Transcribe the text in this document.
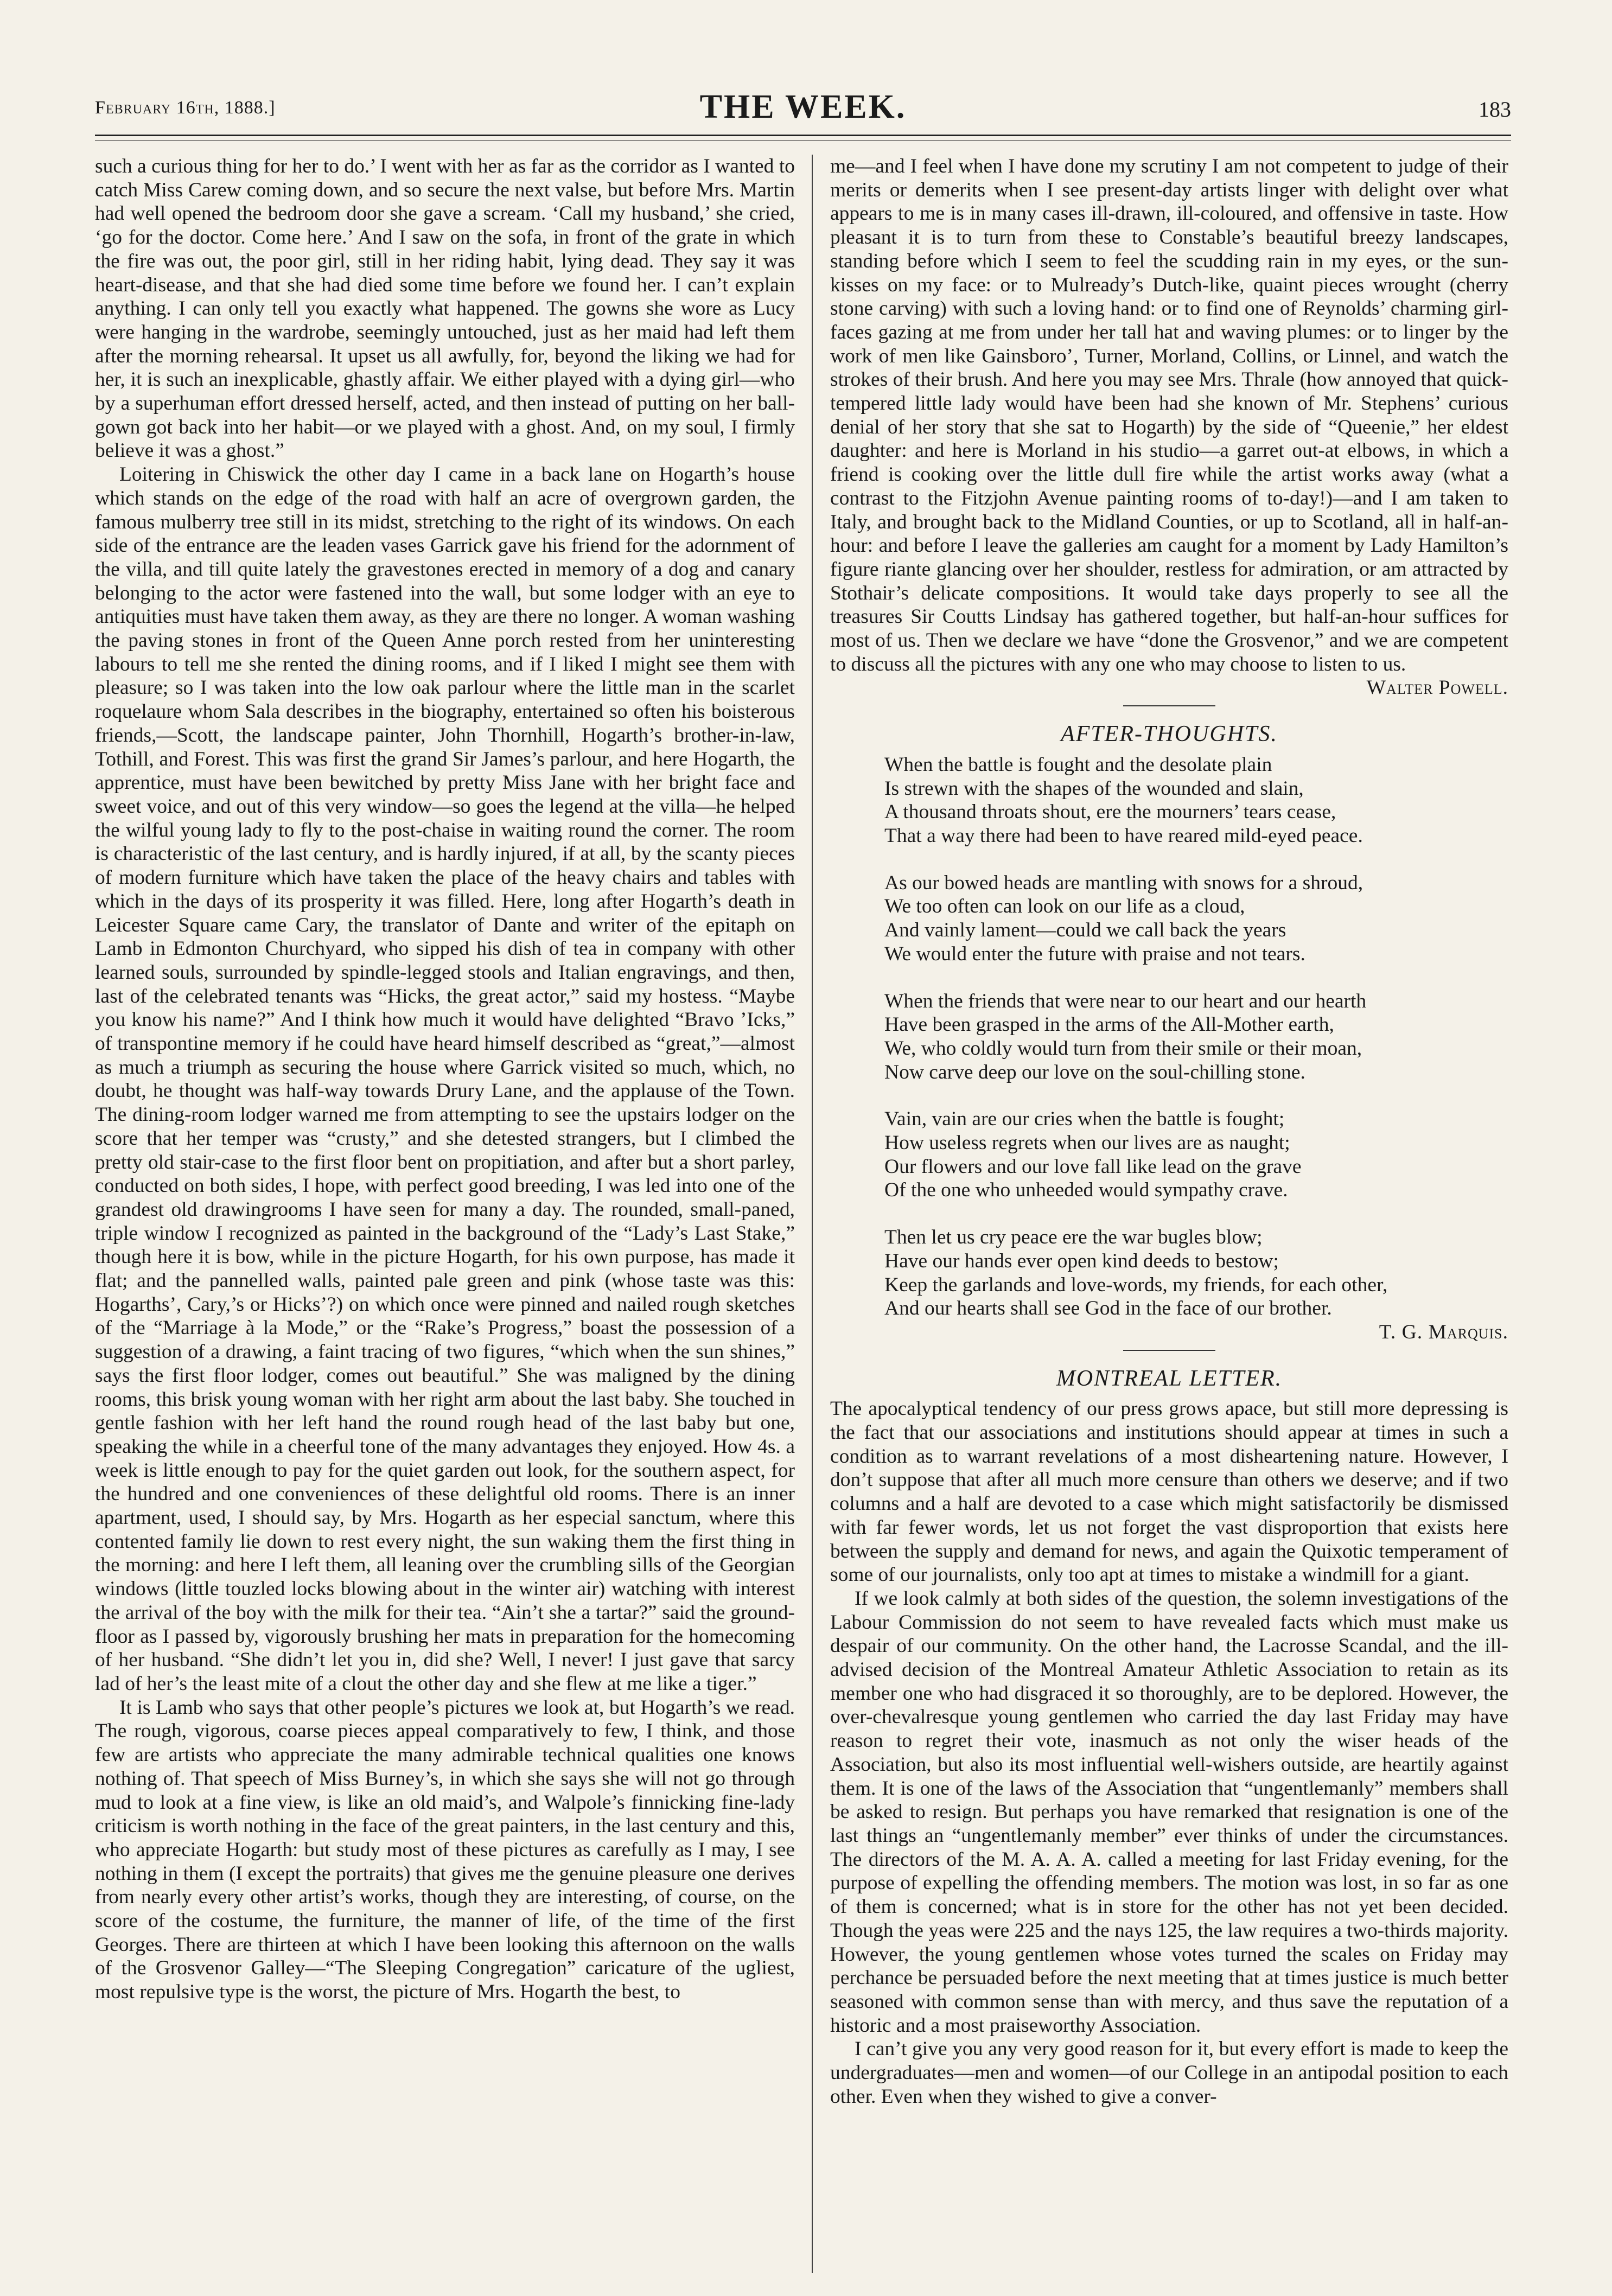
February 16th, 1888.]	THE WEEK.	183

such a curious thing for her to do.’ I went with her as far as the corridor as I wanted to catch Miss Carew coming down, and so secure the next valse, but before Mrs. Martin had well opened the bedroom door she gave a scream. ‘Call my husband,’ she cried, ‘go for the doctor. Come here.’ And I saw on the sofa, in front of the grate in which the fire was out, the poor girl, still in her riding habit, lying dead. They say it was heart-disease, and that she had died some time before we found her. I can’t explain anything. I can only tell you exactly what happened. The gowns she wore as Lucy were hanging in the wardrobe, seemingly untouched, just as her maid had left them after the morning rehearsal. It upset us all awfully, for, beyond the liking we had for her, it is such an inexplicable, ghastly affair. We either played with a dying girl—who by a superhuman effort dressed herself, acted, and then instead of putting on her ball-gown got back into her habit—or we played with a ghost. And, on my soul, I firmly believe it was a ghost.”

Loitering in Chiswick the other day I came in a back lane on Hogarth’s house which stands on the edge of the road with half an acre of overgrown garden, the famous mulberry tree still in its midst, stretching to the right of its windows. On each side of the entrance are the leaden vases Garrick gave his friend for the adornment of the villa, and till quite lately the gravestones erected in memory of a dog and canary belonging to the actor were fastened into the wall, but some lodger with an eye to antiquities must have taken them away, as they are there no longer. A woman washing the paving stones in front of the Queen Anne porch rested from her uninteresting labours to tell me she rented the dining rooms, and if I liked I might see them with pleasure; so I was taken into the low oak parlour where the little man in the scarlet roquelaure whom Sala describes in the biography, entertained so often his boisterous friends,—Scott, the landscape painter, John Thornhill, Hogarth’s brother-in-law, Tothill, and Forest. This was first the grand Sir James’s parlour, and here Hogarth, the apprentice, must have been bewitched by pretty Miss Jane with her bright face and sweet voice, and out of this very window—so goes the legend at the villa—he helped the wilful young lady to fly to the post-chaise in waiting round the corner. The room is characteristic of the last century, and is hardly injured, if at all, by the scanty pieces of modern furniture which have taken the place of the heavy chairs and tables with which in the days of its prosperity it was filled. Here, long after Hogarth’s death in Leicester Square came Cary, the translator of Dante and writer of the epitaph on Lamb in Edmonton Churchyard, who sipped his dish of tea in company with other learned souls, surrounded by spindle-legged stools and Italian engravings, and then, last of the celebrated tenants was “Hicks, the great actor,” said my hostess. “Maybe you know his name?” And I think how much it would have delighted “Bravo ’Icks,” of transpontine memory if he could have heard himself described as “great,”—almost as much a triumph as securing the house where Garrick visited so much, which, no doubt, he thought was half-way towards Drury Lane, and the applause of the Town. The dining-room lodger warned me from attempting to see the upstairs lodger on the score that her temper was “crusty,” and she detested strangers, but I climbed the pretty old stair-case to the first floor bent on propitiation, and after but a short parley, conducted on both sides, I hope, with perfect good breeding, I was led into one of the grandest old drawingrooms I have seen for many a day. The rounded, small-paned, triple window I recognized as painted in the background of the “Lady’s Last Stake,” though here it is bow, while in the picture Hogarth, for his own purpose, has made it flat; and the pannelled walls, painted pale green and pink (whose taste was this: Hogarths’, Cary,’s or Hicks’?) on which once were pinned and nailed rough sketches of the “Marriage à la Mode,” or the “Rake’s Progress,” boast the possession of a suggestion of a drawing, a faint tracing of two figures, “which when the sun shines,” says the first floor lodger, comes out beautiful.” She was maligned by the dining rooms, this brisk young woman with her right arm about the last baby. She touched in gentle fashion with her left hand the round rough head of the last baby but one, speaking the while in a cheerful tone of the many advantages they enjoyed. How 4s. a week is little enough to pay for the quiet garden out look, for the southern aspect, for the hundred and one conveniences of these delightful old rooms. There is an inner apartment, used, I should say, by Mrs. Hogarth as her especial sanctum, where this contented family lie down to rest every night, the sun waking them the first thing in the morning: and here I left them, all leaning over the crumbling sills of the Georgian windows (little touzled locks blowing about in the winter air) watching with interest the arrival of the boy with the milk for their tea. “Ain’t she a tartar?” said the ground-floor as I passed by, vigorously brushing her mats in preparation for the homecoming of her husband. “She didn’t let you in, did she? Well, I never! I just gave that sarcy lad of her’s the least mite of a clout the other day and she flew at me like a tiger.”

It is Lamb who says that other people’s pictures we look at, but Hogarth’s we read. The rough, vigorous, coarse pieces appeal comparatively to few, I think, and those few are artists who appreciate the many admirable technical qualities one knows nothing of. That speech of Miss Burney’s, in which she says she will not go through mud to look at a fine view, is like an old maid’s, and Walpole’s finnicking fine-lady criticism is worth nothing in the face of the great painters, in the last century and this, who appreciate Hogarth: but study most of these pictures as carefully as I may, I see nothing in them (I except the portraits) that gives me the genuine pleasure one derives from nearly every other artist’s works, though they are interesting, of course, on the score of the costume, the furniture, the manner of life, of the time of the first Georges. There are thirteen at which I have been looking this afternoon on the walls of the Grosvenor Galley—“The Sleeping Congregation” caricature of the ugliest, most repulsive type is the worst, the picture of Mrs. Hogarth the best, to

me—and I feel when I have done my scrutiny I am not competent to judge of their merits or demerits when I see present-day artists linger with delight over what appears to me is in many cases ill-drawn, ill-coloured, and offensive in taste. How pleasant it is to turn from these to Constable’s beautiful breezy landscapes, standing before which I seem to feel the scudding rain in my eyes, or the sun-kisses on my face: or to Mulready’s Dutch-like, quaint pieces wrought (cherry stone carving) with such a loving hand: or to find one of Reynolds’ charming girl-faces gazing at me from under her tall hat and waving plumes: or to linger by the work of men like Gainsboro’, Turner, Morland, Collins, or Linnel, and watch the strokes of their brush. And here you may see Mrs. Thrale (how annoyed that quick-tempered little lady would have been had she known of Mr. Stephens’ curious denial of her story that she sat to Hogarth) by the side of “Queenie,” her eldest daughter: and here is Morland in his studio—a garret out-at elbows, in which a friend is cooking over the little dull fire while the artist works away (what a contrast to the Fitzjohn Avenue painting rooms of to-day!)—and I am taken to Italy, and brought back to the Midland Counties, or up to Scotland, all in half-an-hour: and before I leave the galleries am caught for a moment by Lady Hamilton’s figure riante glancing over her shoulder, restless for admiration, or am attracted by Stothair’s delicate compositions. It would take days properly to see all the treasures Sir Coutts Lindsay has gathered together, but half-an-hour suffices for most of us. Then we declare we have “done the Grosvenor,” and we are competent to discuss all the pictures with any one who may choose to listen to us.

Walter Powell.

AFTER-THOUGHTS.
When the battle is fought and the desolate plain
Is strewn with the shapes of the wounded and slain,
A thousand throats shout, ere the mourners’ tears cease,
That a way there had been to have reared mild-eyed peace.
As our bowed heads are mantling with snows for a shroud,
We too often can look on our life as a cloud,
And vainly lament—could we call back the years
We would enter the future with praise and not tears.
When the friends that were near to our heart and our hearth
Have been grasped in the arms of the All-Mother earth,
We, who coldly would turn from their smile or their moan,
Now carve deep our love on the soul-chilling stone.
Vain, vain are our cries when the battle is fought;
How useless regrets when our lives are as naught;
Our flowers and our love fall like lead on the grave
Of the one who unheeded would sympathy crave.
Then let us cry peace ere the war bugles blow;
Have our hands ever open kind deeds to bestow;
Keep the garlands and love-words, my friends, for each other,
And our hearts shall see God in the face of our brother.

T. G. Marquis.

MONTREAL LETTER.

The apocalyptical tendency of our press grows apace, but still more depressing is the fact that our associations and institutions should appear at times in such a condition as to warrant revelations of a most disheartening nature. However, I don’t suppose that after all much more censure than others we deserve; and if two columns and a half are devoted to a case which might satisfactorily be dismissed with far fewer words, let us not forget the vast disproportion that exists here between the supply and demand for news, and again the Quixotic temperament of some of our journalists, only too apt at times to mistake a windmill for a giant.

If we look calmly at both sides of the question, the solemn investigations of the Labour Commission do not seem to have revealed facts which must make us despair of our community. On the other hand, the Lacrosse Scandal, and the ill-advised decision of the Montreal Amateur Athletic Association to retain as its member one who had disgraced it so thoroughly, are to be deplored. However, the over-chevalresque young gentlemen who carried the day last Friday may have reason to regret their vote, inasmuch as not only the wiser heads of the Association, but also its most influential well-wishers outside, are heartily against them. It is one of the laws of the Association that “ungentlemanly” members shall be asked to resign. But perhaps you have remarked that resignation is one of the last things an “ungentlemanly member” ever thinks of under the circumstances. The directors of the M. A. A. A. called a meeting for last Friday evening, for the purpose of expelling the offending members. The motion was lost, in so far as one of them is concerned; what is in store for the other has not yet been decided. Though the yeas were 225 and the nays 125, the law requires a two-thirds majority. However, the young gentlemen whose votes turned the scales on Friday may perchance be persuaded before the next meeting that at times justice is much better seasoned with common sense than with mercy, and thus save the reputation of a historic and a most praiseworthy Association.

I can’t give you any very good reason for it, but every effort is made to keep the undergraduates—men and women—of our College in an antipodal position to each other. Even when they wished to give a conver-
